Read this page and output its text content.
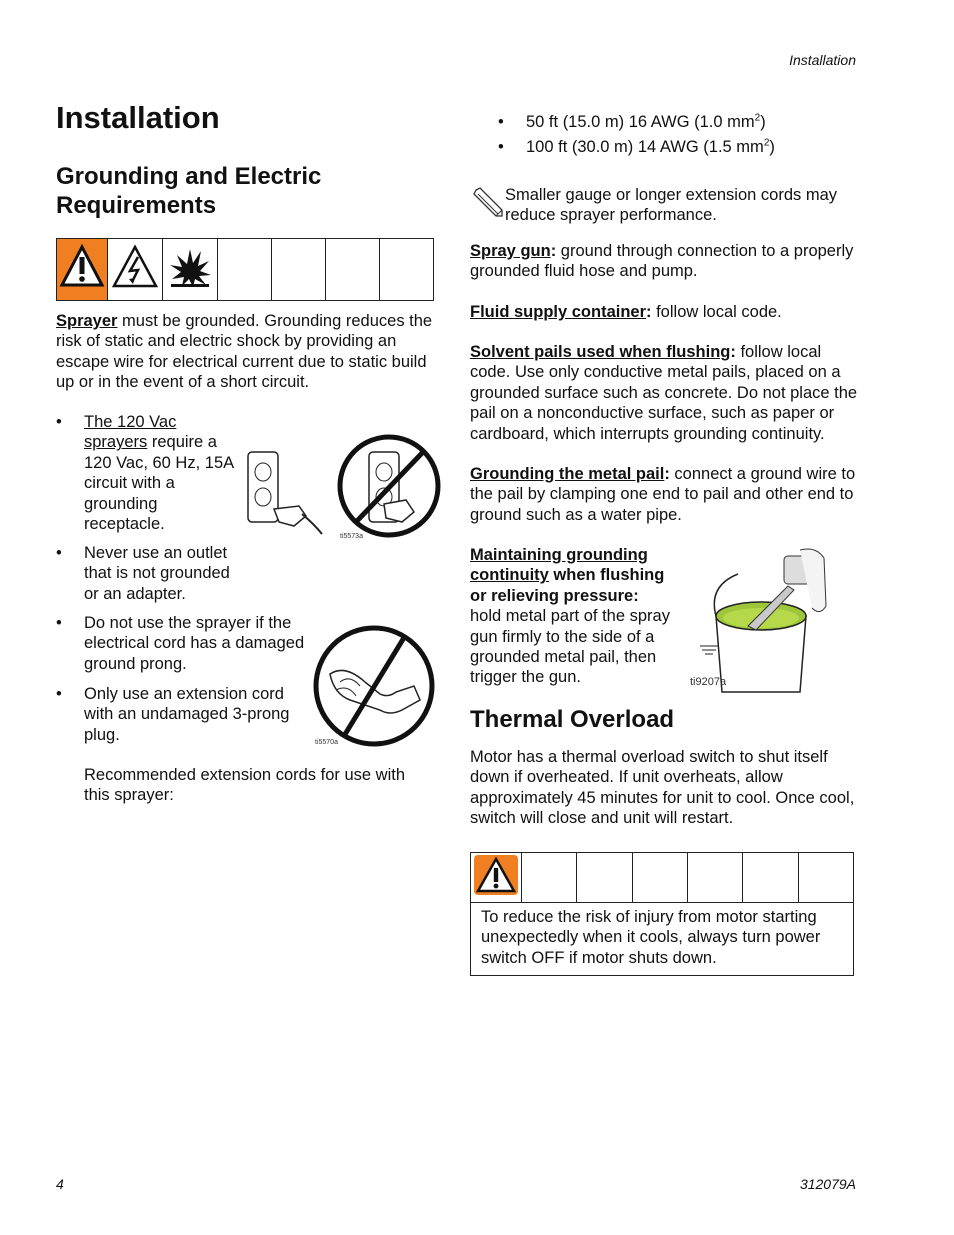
Installation
Installation
Grounding and Electric Requirements

Sprayer must be grounded. Grounding reduces the risk of static and electric shock by providing an escape wire for electrical current due to static build up or in the event of a short circuit.

• The 120 Vac sprayers require a 120 Vac, 60 Hz, 15A circuit with a grounding receptacle.
ti5573a
• Never use an outlet that is not grounded or an adapter.
• Do not use the sprayer if the electrical cord has a damaged ground prong.
ti5570a
• Only use an extension cord with an undamaged 3-prong plug.

Recommended extension cords for use with this sprayer:

• 50 ft (15.0 m) 16 AWG (1.0 $mm^2$)
• 100 ft (30.0 m) 14 AWG (1.5 $mm^2$)

Smaller gauge or longer extension cords may reduce sprayer performance.

Spray gun: ground through connection to a properly grounded fluid hose and pump.

Fluid supply container: follow local code.

Solvent pails used when flushing: follow local code. Use only conductive metal pails, placed on a grounded surface such as concrete. Do not place the pail on a nonconductive surface, such as paper or cardboard, which interrupts grounding continuity.

Grounding the metal pail: connect a ground wire to the pail by clamping one end to pail and other end to ground such as a water pipe.

Maintaining grounding continuity when flushing or relieving pressure: hold metal part of the spray gun firmly to the side of a grounded metal pail, then trigger the gun.	ti9207a
Thermal Overload

Motor has a thermal overload switch to shut itself down if overheated. If unit overheats, allow approximately 45 minutes for unit to cool. Once cool, switch will close and unit will restart.

To reduce the risk of injury from motor starting unexpectedly when it cools, always turn power switch OFF if motor shuts down.

4	312079A
